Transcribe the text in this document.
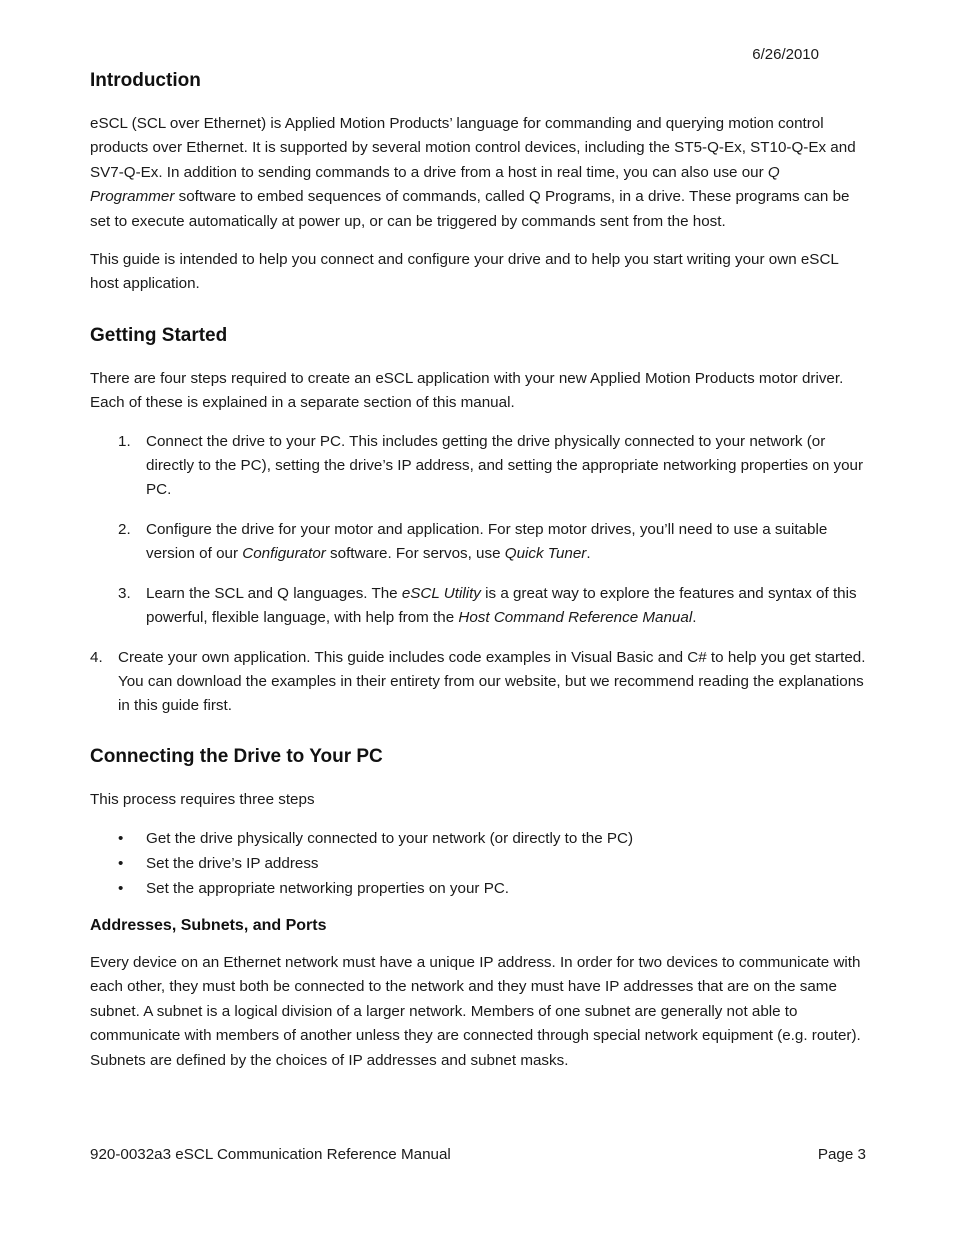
6/26/2010
Introduction

eSCL (SCL over Ethernet) is Applied Motion Products’ language for commanding and querying motion control products over Ethernet. It is supported by several motion control devices, including the ST5-Q-Ex, ST10-Q-Ex and SV7-Q-Ex. In addition to sending commands to a drive from a host in real time, you can also use our Q Programmer software to embed sequences of commands, called Q Programs, in a drive. These programs can be set to execute automatically at power up, or can be triggered by commands sent from the host.

This guide is intended to help you connect and configure your drive and to help you start writing your own eSCL host application.

Getting Started

There are four steps required to create an eSCL application with your new Applied Motion Products motor driver. Each of these is explained in a separate section of this manual.

1. Connect the drive to your PC. This includes getting the drive physically connected to your network (or directly to the PC), setting the drive’s IP address, and setting the appropriate networking properties on your PC.
2. Configure the drive for your motor and application. For step motor drives, you’ll need to use a suitable version of our Configurator software. For servos, use Quick Tuner.
3. Learn the SCL and Q languages. The eSCL Utility is a great way to explore the features and syntax of this powerful, flexible language, with help from the Host Command Reference Manual.
4. Create your own application. This guide includes code examples in Visual Basic and C# to help you get started. You can download the examples in their entirety from our website, but we recommend reading the explanations in this guide first.
Connecting the Drive to Your PC

This process requires three steps

• Get the drive physically connected to your network (or directly to the PC)
• Set the drive’s IP address
• Set the appropriate networking properties on your PC.
Addresses, Subnets, and Ports

Every device on an Ethernet network must have a unique IP address. In order for two devices to communicate with each other, they must both be connected to the network and they must have IP addresses that are on the same subnet. A subnet is a logical division of a larger network. Members of one subnet are generally not able to communicate with members of another unless they are connected through special network equipment (e.g. router). Subnets are defined by the choices of IP addresses and subnet masks.

920-0032a3 eSCL Communication Reference Manual	Page 3
